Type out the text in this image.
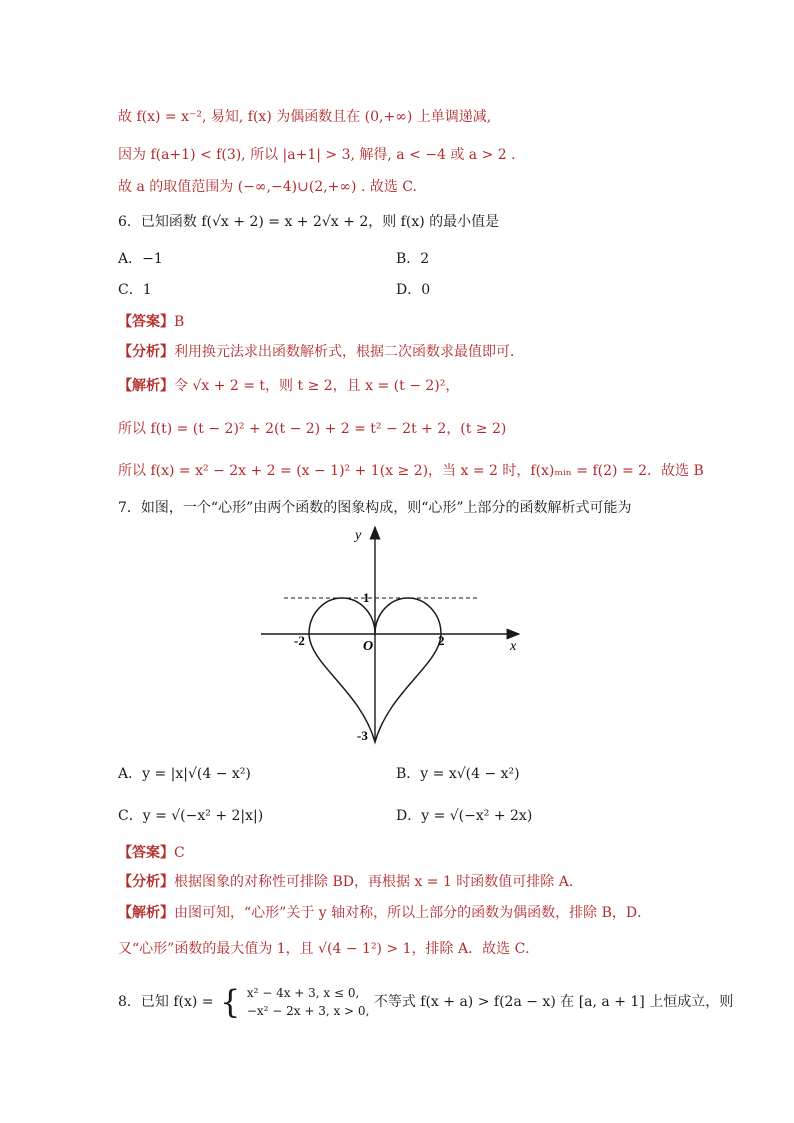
故 f(x) = x⁻², 易知, f(x) 为偶函数且在 (0,+∞) 上单调递减,
因为 f(a+1) < f(3), 所以 |a+1| > 3, 解得, a < −4 或 a > 2 .
故 a 的取值范围为 (−∞,−4)∪(2,+∞) . 故选 C.
6．已知函数 f(√x + 2) = x + 2√x + 2，则 f(x) 的最小值是
A．−1	B．2
C．1	D．0
【答案】B
【分析】利用换元法求出函数解析式，根据二次函数求最值即可．
【解析】令 √x + 2 = t，则 t ≥ 2，且 x = (t − 2)²，
所以 f(t) = (t − 2)² + 2(t − 2) + 2 = t² − 2t + 2，(t ≥ 2)
所以 f(x) = x² − 2x + 2 = (x − 1)² + 1(x ≥ 2)，当 x = 2 时，f(x)ₘᵢₙ = f(2) = 2．故选 B
7．如图，一个“心形”由两个函数的图象构成，则“心形”上部分的函数解析式可能为
y
x
O
-2	2
1
-3
A．y = |x|√(4 − x²)	B．y = x√(4 − x²)
C．y = √(−x² + 2|x|)	D．y = √(−x² + 2x)
【答案】C
【分析】根据图象的对称性可排除 BD，再根据 x = 1 时函数值可排除 A．
【解析】由图可知，“心形”关于 y 轴对称，所以上部分的函数为偶函数，排除 B，D．
又“心形”函数的最大值为 1，且 √(4 − 1²) > 1，排除 A．故选 C．
8．已知 f(x) = { x² − 4x + 3, x ≤ 0,
−x² − 2x + 3, x > 0,
不等式 f(x + a) > f(2a − x) 在 [a, a + 1] 上恒成立，则
